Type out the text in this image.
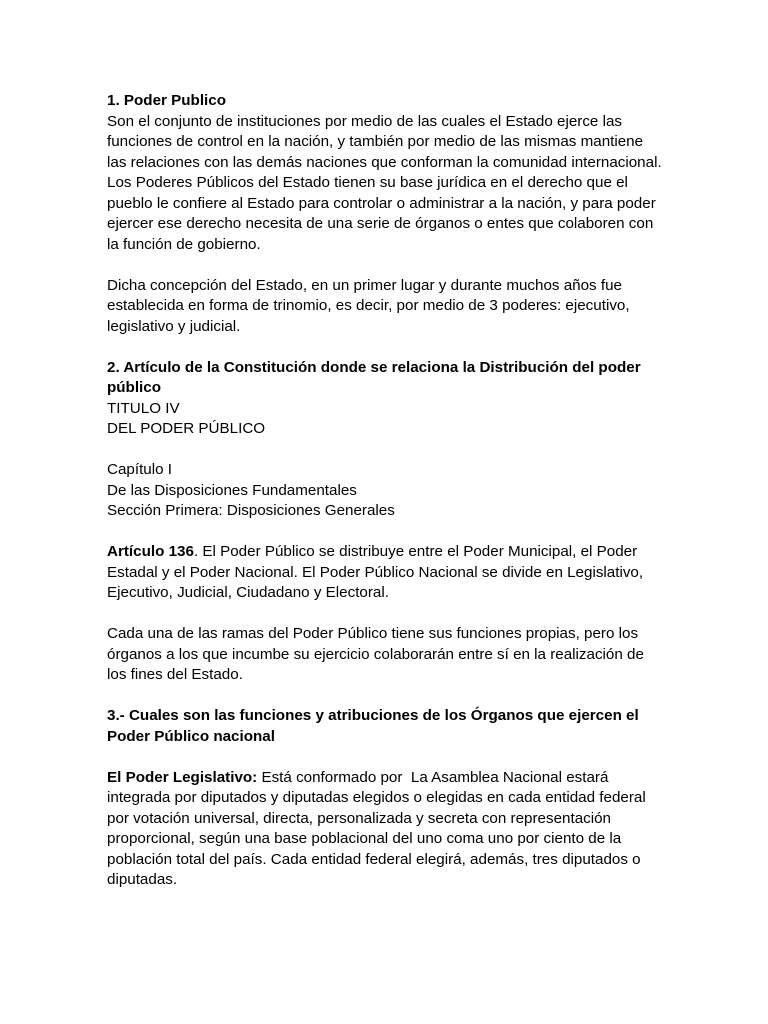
1. Poder Publico
Son el conjunto de instituciones por medio de las cuales el Estado ejerce las
funciones de control en la nación, y también por medio de las mismas mantiene
las relaciones con las demás naciones que conforman la comunidad internacional.
Los Poderes Públicos del Estado tienen su base jurídica en el derecho que el
pueblo le confiere al Estado para controlar o administrar a la nación, y para poder
ejercer ese derecho necesita de una serie de órganos o entes que colaboren con
la función de gobierno.
Dicha concepción del Estado, en un primer lugar y durante muchos años fue
establecida en forma de trinomio, es decir, por medio de 3 poderes: ejecutivo,
legislativo y judicial.
2. Artículo de la Constitución donde se relaciona la Distribución del poder
público
TITULO IV
DEL PODER PÚBLICO
Capítulo I
De las Disposiciones Fundamentales
Sección Primera: Disposiciones Generales
Artículo 136. El Poder Público se distribuye entre el Poder Municipal, el Poder
Estadal y el Poder Nacional. El Poder Público Nacional se divide en Legislativo,
Ejecutivo, Judicial, Ciudadano y Electoral.
Cada una de las ramas del Poder Público tiene sus funciones propias, pero los
órganos a los que incumbe su ejercicio colaborarán entre sí en la realización de
los fines del Estado.
3.- Cuales son las funciones y atribuciones de los Órganos que ejercen el
Poder Público nacional
El Poder Legislativo: Está conformado por  La Asamblea Nacional estará
integrada por diputados y diputadas elegidos o elegidas en cada entidad federal
por votación universal, directa, personalizada y secreta con representación
proporcional, según una base poblacional del uno coma uno por ciento de la
población total del país. Cada entidad federal elegirá, además, tres diputados o
diputadas.
